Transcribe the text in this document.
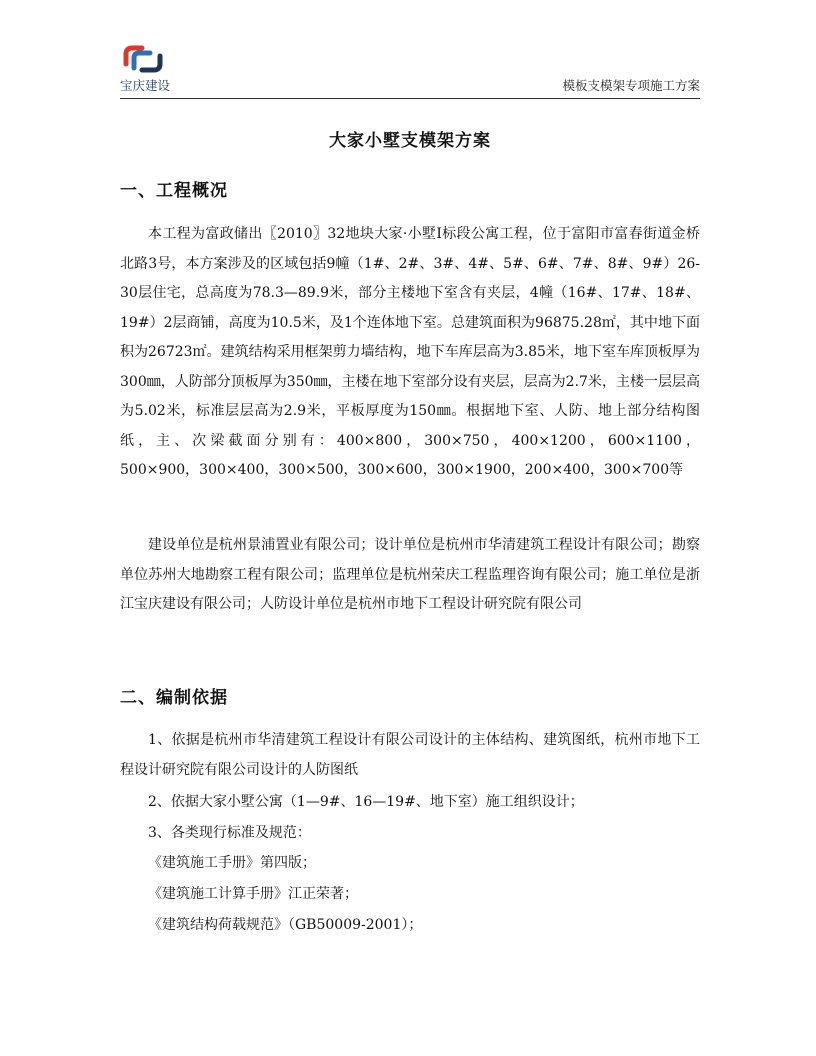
宝庆建设	模板支模架专项施工方案
大家小墅支模架方案
一、工程概况

本工程为富政储出〖2010〗32地块大家·小墅Ⅰ标段公寓工程，位于富阳市富春街道金桥北路3号，本方案涉及的区域包括9幢（1#、2#、3#、4#、5#、6#、7#、8#、9#）26-30层住宅，总高度为78.3—89.9米，部分主楼地下室含有夹层，4幢（16#、17#、18#、19#）2层商铺，高度为10.5米，及1个连体地下室。总建筑面积为96875.28㎡，其中地下面积为26723㎡。建筑结构采用框架剪力墙结构，地下车库层高为3.85米，地下室车库顶板厚为300㎜，人防部分顶板厚为350㎜，主楼在地下室部分设有夹层，层高为2.7米，主楼一层层高为5.02米，标准层层高为2.9米，平板厚度为150㎜。根据地下室、人防、地上部分结构图纸，主、次梁截面分别有：400×800，300×750，400×1200，600×1100，500×900，300×400，300×500，300×600，300×1900，200×400，300×700等

建设单位是杭州景浦置业有限公司；设计单位是杭州市华清建筑工程设计有限公司；勘察单位苏州大地勘察工程有限公司；监理单位是杭州荣庆工程监理咨询有限公司；施工单位是浙江宝庆建设有限公司；人防设计单位是杭州市地下工程设计研究院有限公司

二、编制依据

1、依据是杭州市华清建筑工程设计有限公司设计的主体结构、建筑图纸，杭州市地下工程设计研究院有限公司设计的人防图纸

2、依据大家小墅公寓（1—9#、16—19#、地下室）施工组织设计；

3、各类现行标准及规范：

《建筑施工手册》第四版；

《建筑施工计算手册》江正荣著；

《建筑结构荷载规范》（GB50009-2001）；
